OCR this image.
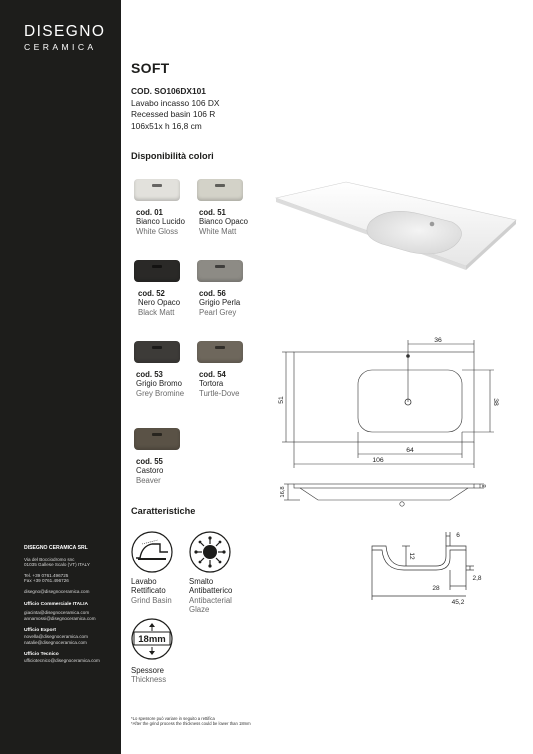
DISEGNO
CERAMICA
DISEGNO CERAMICA SRL
Via del Bocciodromo snc
01035 Gallese Scalo (VT) ITALY
Tel. +39 0761.496725
Fax +39 0761.496726
disegno@disegnoceramica.com
Ufficio Commerciale ITALIA
giacinta@disegnoceramica.com
annamossi@disegnoceramica.com
Ufficio Export
novella@disegnoceramica.com
natalie@disegnoceramica.com
Ufficio Tecnico
ufficiotecnico@disegnoceramica.com
SOFT
COD. SO106DX101
Lavabo incasso 106 DX
Recessed basin 106 R
106x51x h 16,8 cm
Disponibilità colori
cod. 01
Bianco Lucido
White Gloss
cod. 51
Bianco Opaco
White Matt
cod. 52
Nero Opaco
Black Matt
cod. 56
Grigio Perla
Pearl Grey
cod. 53
Grigio Bromo
Grey Bromine
cod. 54
Tortora
Turtle-Dove
cod. 55
Castoro
Beaver
Caratteristiche
18mm
Lavabo
Rettificato
Grind Basin
Smalto
Antibatterico
Antibacterial
Glaze
Spessore
Thickness
36
51	38
64
106
16,8
8
6
12
28
2,8
45,2
*Lo spessore può variare in seguito a rettifica
*After the grind process the thickness could be lower than 18mm
